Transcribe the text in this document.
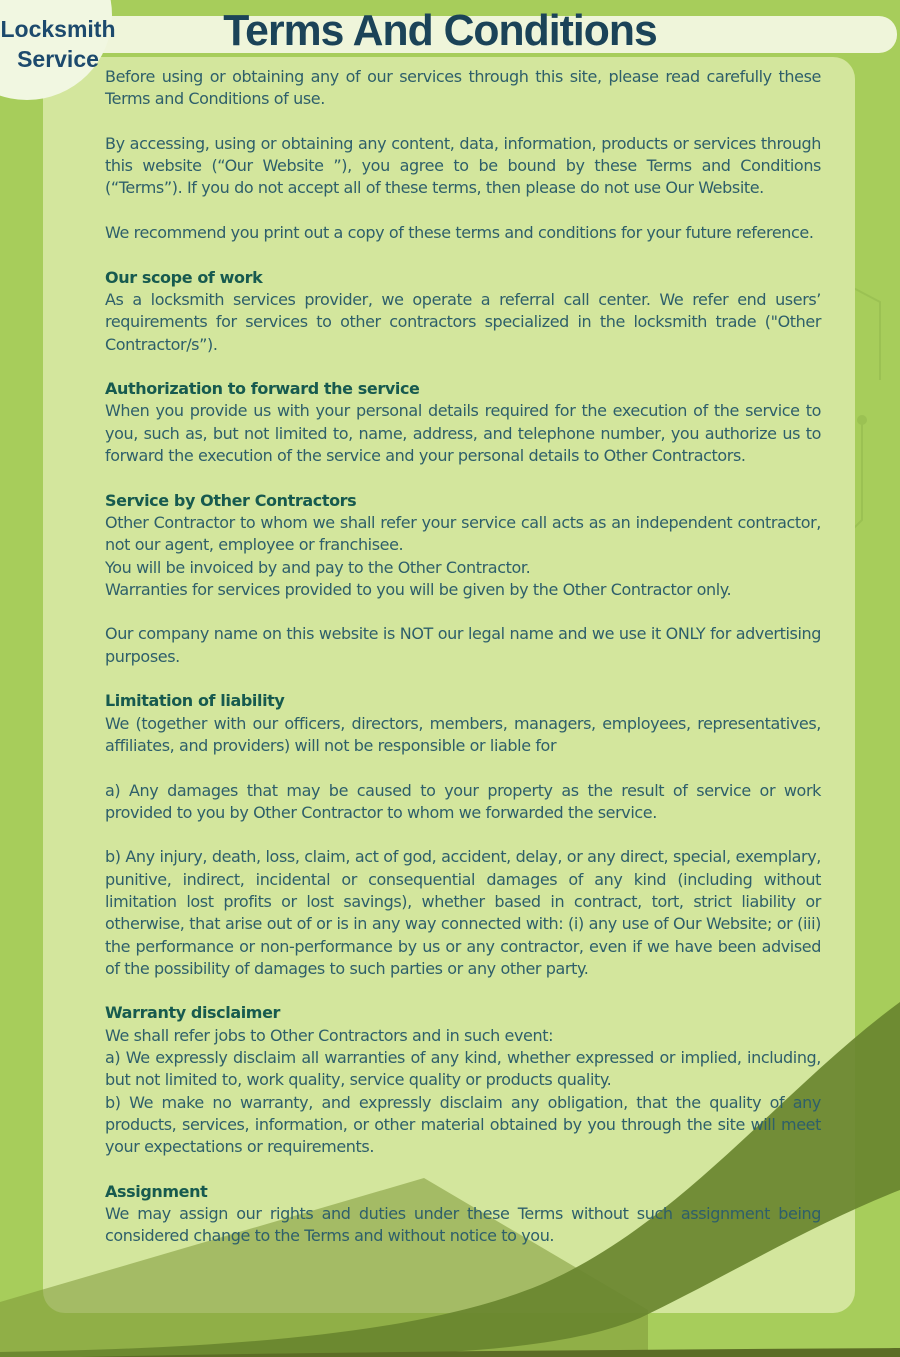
Locksmith
Service
Terms And Conditions
Before using or obtaining any of our services through this site, please read carefully these Terms and Conditions of use.
By accessing, using or obtaining any content, data, information, products or services through this website (“Our Website ”), you agree to be bound by these Terms and Conditions (“Terms”). If you do not accept all of these terms, then please do not use Our Website.
We recommend you print out a copy of these terms and conditions for your future reference.
Our scope of work
As a locksmith services provider, we operate a referral call center. We refer end users’ requirements for services to other contractors specialized in the locksmith trade ("Other Contractor/s”).
Authorization to forward the service
When you provide us with your personal details required for the execution of the service to you, such as, but not limited to, name, address, and telephone number, you authorize us to forward the execution of the service and your personal details to Other Contractors.
Service by Other Contractors
Other Contractor to whom we shall refer your service call acts as an independent contractor, not our agent, employee or franchisee.
You will be invoiced by and pay to the Other Contractor.
Warranties for services provided to you will be given by the Other Contractor only.
Our company name on this website is NOT our legal name and we use it ONLY for advertising purposes.
Limitation of liability
We (together with our officers, directors, members, managers, employees, representatives, affiliates, and providers) will not be responsible or liable for
a) Any damages that may be caused to your property as the result of service or work provided to you by Other Contractor to whom we forwarded the service.
b) Any injury, death, loss, claim, act of god, accident, delay, or any direct, special, exemplary, punitive, indirect, incidental or consequential damages of any kind (including without limitation lost profits or lost savings), whether based in contract, tort, strict liability or otherwise, that arise out of or is in any way connected with: (i) any use of Our Website; or (iii) the performance or non-performance by us or any contractor, even if we have been advised of the possibility of damages to such parties or any other party.
Warranty disclaimer
We shall refer jobs to Other Contractors and in such event:
a) We expressly disclaim all warranties of any kind, whether expressed or implied, including, but not limited to, work quality, service quality or products quality.
b) We make no warranty, and expressly disclaim any obligation, that the quality of any products, services, information, or other material obtained by you through the site will meet your expectations or requirements.
Assignment
We may assign our rights and duties under these Terms without such assignment being considered change to the Terms and without notice to you.
